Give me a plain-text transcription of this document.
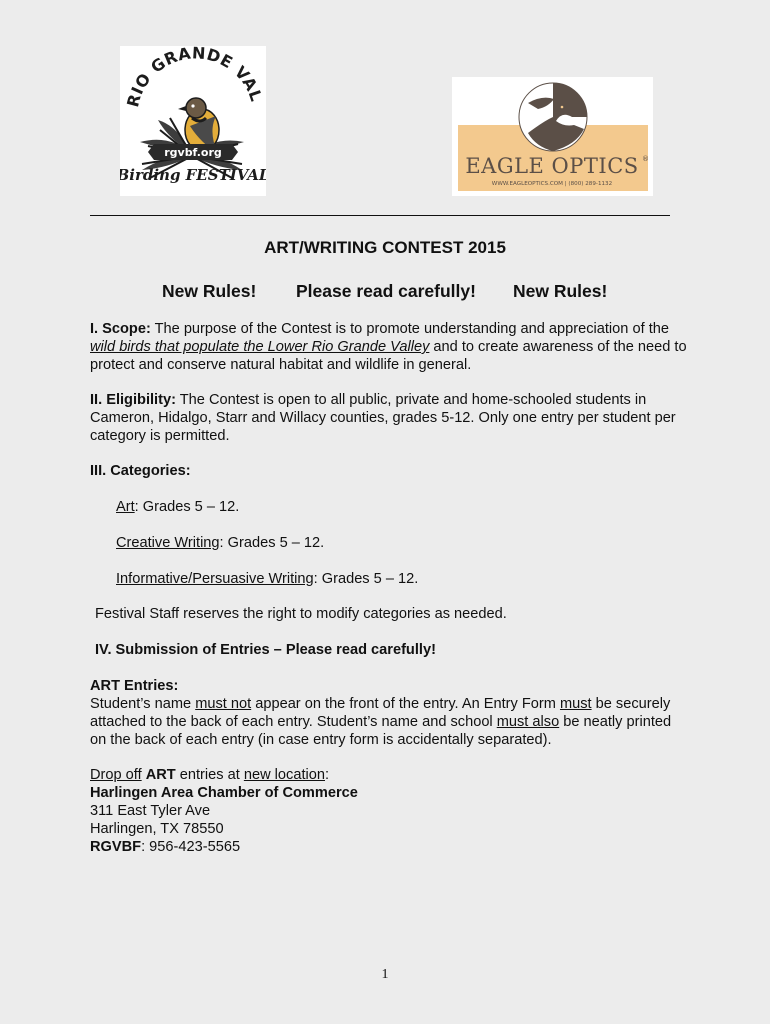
RIO GRANDE VAL
rgvbf.org
Birding FESTIVAL	EAGLE OPTICS ®
WWW.EAGLEOPTICS.COM | (800) 289-1132
ART/WRITING CONTEST 2015
New Rules! Please read carefully! New Rules!

I. Scope: The purpose of the Contest is to promote understanding and appreciation of the wild birds that populate the Lower Rio Grande Valley and to create awareness of the need to protect and conserve natural habitat and wildlife in general.

II. Eligibility: The Contest is open to all public, private and home-schooled students in Cameron, Hidalgo, Starr and Willacy counties, grades 5-12. Only one entry per student per category is permitted.

III. Categories:
Art: Grades 5 – 12.
Creative Writing: Grades 5 – 12.
Informative/Persuasive Writing: Grades 5 – 12.
Festival Staff reserves the right to modify categories as needed.
IV. Submission of Entries – Please read carefully!
ART Entries:

Student’s name must not appear on the front of the entry. An Entry Form must be securely attached to the back of each entry. Student’s name and school must also be neatly printed on the back of each entry (in case entry form is accidentally separated).

Drop off ART entries at new location:
Harlingen Area Chamber of Commerce
311 East Tyler Ave
Harlingen, TX 78550
RGVBF: 956-423-5565
1
